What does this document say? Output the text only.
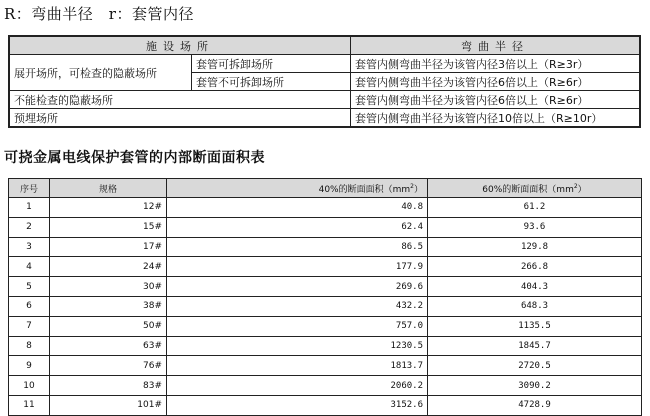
R：弯曲半径　r：套管内径
施设场所		弯曲半径
展开场所，可检查的隐蔽场所	套管可拆卸场所	套管内侧弯曲半径为该管内径3倍以上（R≥3r）
	套管不可拆卸场所	套管内侧弯曲半径为该管内径6倍以上（R≥6r）
不能检查的隐蔽场所		套管内侧弯曲半径为该管内径6倍以上（R≥6r）
预埋场所		套管内侧弯曲半径为该管内径10倍以上（R≥10r）
可挠金属电线保护套管的内部断面面积表
序号	规格	40%的断面面积$(mm^2)$	60%的断面面积$(mm^2)$
1	12#	40.8	61.2
2	15#	62.4	93.6
3	17#	86.5	129.8
4	24#	177.9	266.8
5	30#	269.6	404.3
6	38#	432.2	648.3
7	50#	757.0	1135.5
8	63#	1230.5	1845.7
9	76#	1813.7	2720.5
10	83#	2060.2	3090.2
11	101#	3152.6	4728.9
